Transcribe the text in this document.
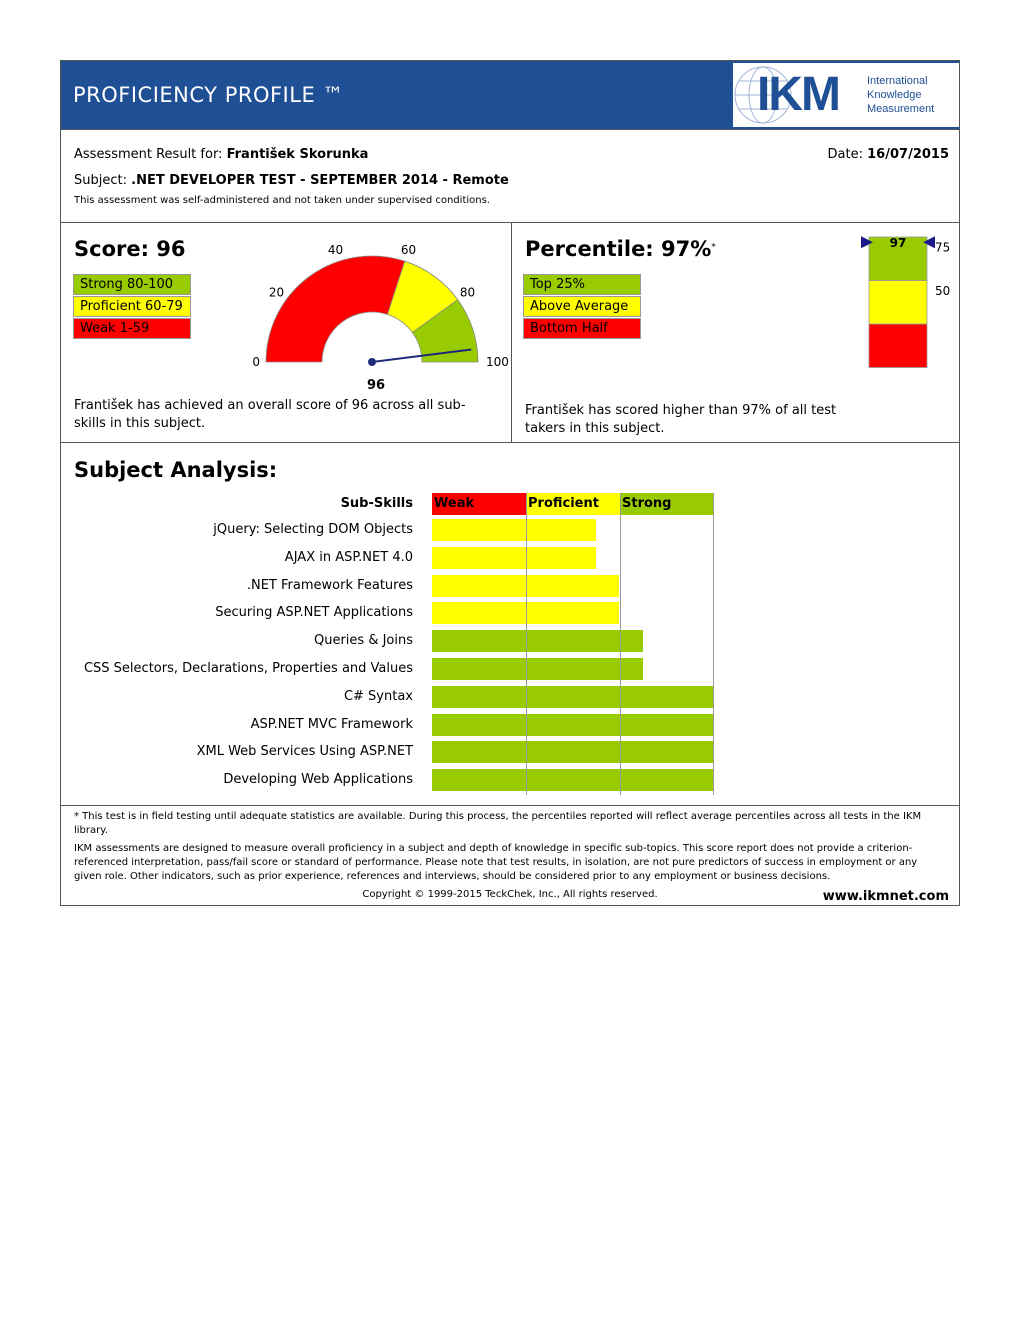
PROFICIENCY PROFILE ™	IKM	International
Knowledge
Measurement
Assessment Result for: František Skorunka	Date: 16/07/2015
Subject: .NET DEVELOPER TEST - SEPTEMBER 2014 - Remote
This assessment was self-administered and not taken under supervised conditions.
Score: 96
Strong 80-100
Proficient 60-79
Weak 1-59
0
20
40	60
80
100
96
František has achieved an overall score of 96 across all sub-skills in this subject.
Percentile: 97%*
Top 25%
Above Average
Bottom Half
75
50
97
František has scored higher than 97% of all test takers in this subject.
Subject Analysis:
Sub-Skills
jQuery: Selecting DOM Objects
AJAX in ASP.NET 4.0
.NET Framework Features
Securing ASP.NET Applications
Queries & Joins
CSS Selectors, Declarations, Properties and Values
C# Syntax
ASP.NET MVC Framework
XML Web Services Using ASP.NET
Developing Web Applications
Weak	Proficient	Strong
* This test is in field testing until adequate statistics are available. During this process, the percentiles reported will reflect average percentiles across all tests in the IKM library.
IKM assessments are designed to measure overall proficiency in a subject and depth of knowledge in specific sub-topics. This score report does not provide a criterion-referenced interpretation, pass/fail score or standard of performance. Please note that test results, in isolation, are not pure predictors of success in employment or any given role. Other indicators, such as prior experience, references and interviews, should be considered prior to any employment or business decisions.
Copyright © 1999-2015 TeckChek, Inc., All rights reserved.	www.ikmnet.com
